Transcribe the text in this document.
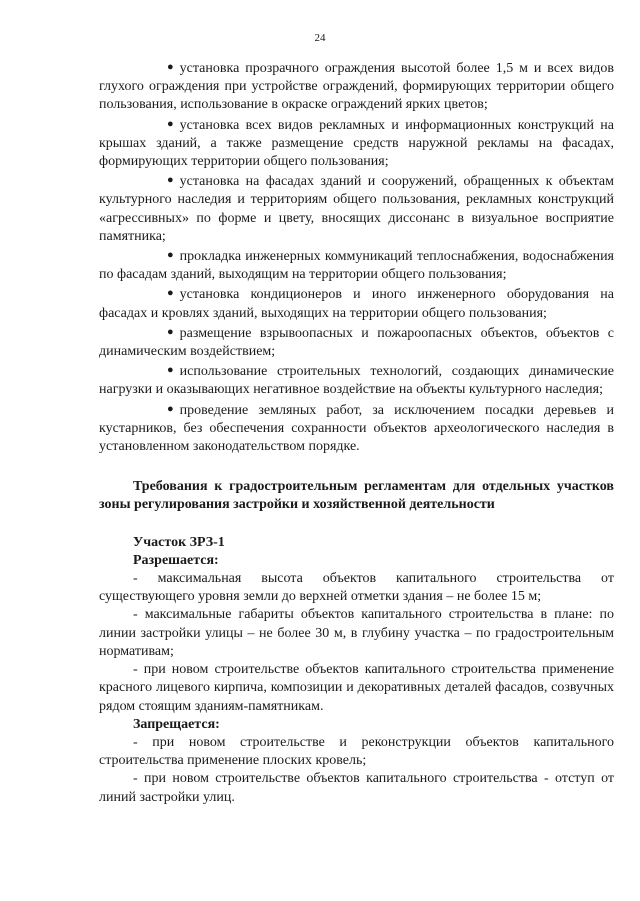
24

● установка прозрачного ограждения высотой более 1,5 м и всех видов глухого ограждения при устройстве ограждений, формирующих территории общего пользования, использование в окраске ограждений ярких цветов;

● установка всех видов рекламных и информационных конструкций на крышах зданий, а также размещение средств наружной рекламы на фасадах, формирующих территории общего пользования;

● установка на фасадах зданий и сооружений, обращенных к объектам культурного наследия и территориям общего пользования, рекламных конструкций «агрессивных» по форме и цвету, вносящих диссонанс в визуальное восприятие памятника;

● прокладка инженерных коммуникаций теплоснабжения, водоснабжения по фасадам зданий, выходящим на территории общего пользования;

● установка кондиционеров и иного инженерного оборудования на фасадах и кровлях зданий, выходящих на территории общего пользования;

● размещение взрывоопасных и пожароопасных объектов, объектов с динамическим воздействием;

● использование строительных технологий, создающих динамические нагрузки и оказывающих негативное воздействие на объекты культурного наследия;

● проведение земляных работ, за исключением посадки деревьев и кустарников, без обеспечения сохранности объектов археологического наследия в установленном законодательством порядке.

Требования к градостроительным регламентам для отдельных участков зоны регулирования застройки и хозяйственной деятельности

Участок ЗРЗ-1

Разрешается:

- максимальная высота объектов капитального строительства от существующего уровня земли до верхней отметки здания – не более 15 м;

- максимальные габариты объектов капитального строительства в плане: по линии застройки улицы – не более 30 м, в глубину участка – по градостроительным нормативам;

- при новом строительстве объектов капитального строительства применение красного лицевого кирпича, композиции и декоративных деталей фасадов, созвучных рядом стоящим зданиям-памятникам.

Запрещается:

- при новом строительстве и реконструкции объектов капитального строительства применение плоских кровель;

- при новом строительстве объектов капитального строительства - отступ от линий застройки улиц.
